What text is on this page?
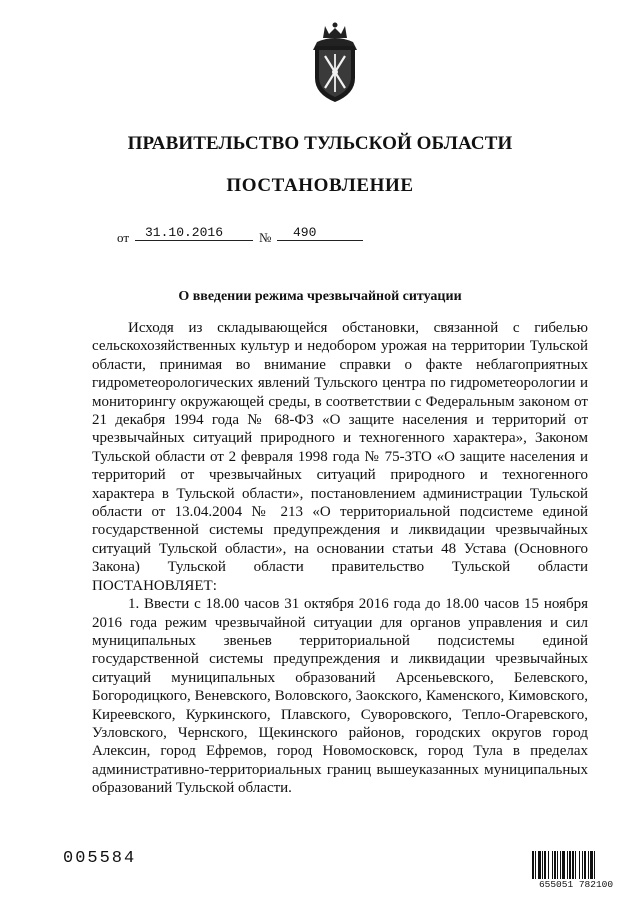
ПРАВИТЕЛЬСТВО ТУЛЬСКОЙ ОБЛАСТИ
ПОСТАНОВЛЕНИЕ
от	31.10.2016	№	490
О введении режима чрезвычайной ситуации

Исходя из складывающейся обстановки, связанной с гибелью сельскохозяйственных культур и недобором урожая на территории Тульской области, принимая во внимание справки о факте неблагоприятных гидрометеорологических явлений Тульского центра по гидрометеорологии и мониторингу окружающей среды, в соответствии с Федеральным законом от 21 декабря 1994 года № 68-ФЗ «О защите населения и территорий от чрезвычайных ситуаций природного и техногенного характера», Законом Тульской области от 2 февраля 1998 года № 75-ЗТО «О защите населения и территорий от чрезвычайных ситуаций природного и техногенного характера в Тульской области», постановлением администрации Тульской области от 13.04.2004 № 213 «О территориальной подсистеме единой государственной системы предупреждения и ликвидации чрезвычайных ситуаций Тульской области», на основании статьи 48 Устава (Основного Закона) Тульской области правительство Тульской области ПОСТАНОВЛЯЕТ:

1. Ввести с 18.00 часов 31 октября 2016 года до 18.00 часов 15 ноября 2016 года режим чрезвычайной ситуации для органов управления и сил муниципальных звеньев территориальной подсистемы единой государственной системы предупреждения и ликвидации чрезвычайных ситуаций муниципальных образований Арсеньевского, Белевского, Богородицкого, Веневского, Воловского, Заокского, Каменского, Кимовского, Киреевского, Куркинского, Плавского, Суворовского, Тепло-Огаревского, Узловского, Чернского, Щекинского районов, городских округов город Алексин, город Ефремов, город Новомосковск, город Тула в пределах административно-территориальных границ вышеуказанных муниципальных образований Тульской области.

005584
655051 782100
